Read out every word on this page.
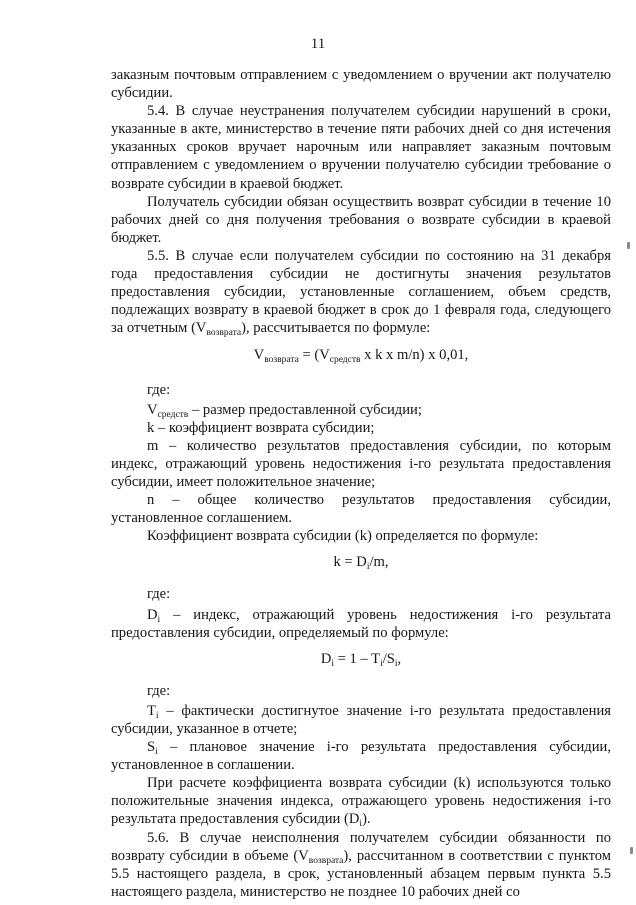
11

заказным почтовым отправлением с уведомлением о вручении акт получателю субсидии.

5.4. В случае неустранения получателем субсидии нарушений в сроки, указанные в акте, министерство в течение пяти рабочих дней со дня истечения указанных сроков вручает нарочным или направляет заказным почтовым отправлением с уведомлением о вручении получателю субсидии требование о возврате субсидии в краевой бюджет.

Получатель субсидии обязан осуществить возврат субсидии в течение 10 рабочих дней со дня получения требования о возврате субсидии в краевой бюджет.

5.5. В случае если получателем субсидии по состоянию на 31 декабря года предоставления субсидии не достигнуты значения результатов предоставления субсидии, установленные соглашением, объем средств, подлежащих возврату в краевой бюджет в срок до 1 февраля года, следующего за отчетным $(V_{возврата})$, рассчитывается по формуле:

$V_{возврата} = (V_{средств}$ x k x m/n) x 0,01,

где:

$V_{средств}$ – размер предоставленной субсидии;

k – коэффициент возврата субсидии;

m – количество результатов предоставления субсидии, по которым индекс, отражающий уровень недостижения i-го результата предоставления субсидии, имеет положительное значение;

n – общее количество результатов предоставления субсидии, установленное соглашением.

Коэффициент возврата субсидии (k) определяется по формуле:

$k = D_i/m$,

где:

$D_i$ – индекс, отражающий уровень недостижения i-го результата предоставления субсидии, определяемый по формуле:

$D_i = 1 - T_i/S_i$,

где:

$T_i$ – фактически достигнутое значение i-го результата предоставления субсидии, указанное в отчете;

$S_i$ – плановое значение i-го результата предоставления субсидии, установленное в соглашении.

При расчете коэффициента возврата субсидии (k) используются только положительные значения индекса, отражающего уровень недостижения i-го результата предоставления субсидии $(D_i)$.

5.6. В случае неисполнения получателем субсидии обязанности по возврату субсидии в объеме $(V_{возврата})$, рассчитанном в соответствии с пунктом 5.5 настоящего раздела, в срок, установленный абзацем первым пункта 5.5 настоящего раздела, министерство не позднее 10 рабочих дней со
